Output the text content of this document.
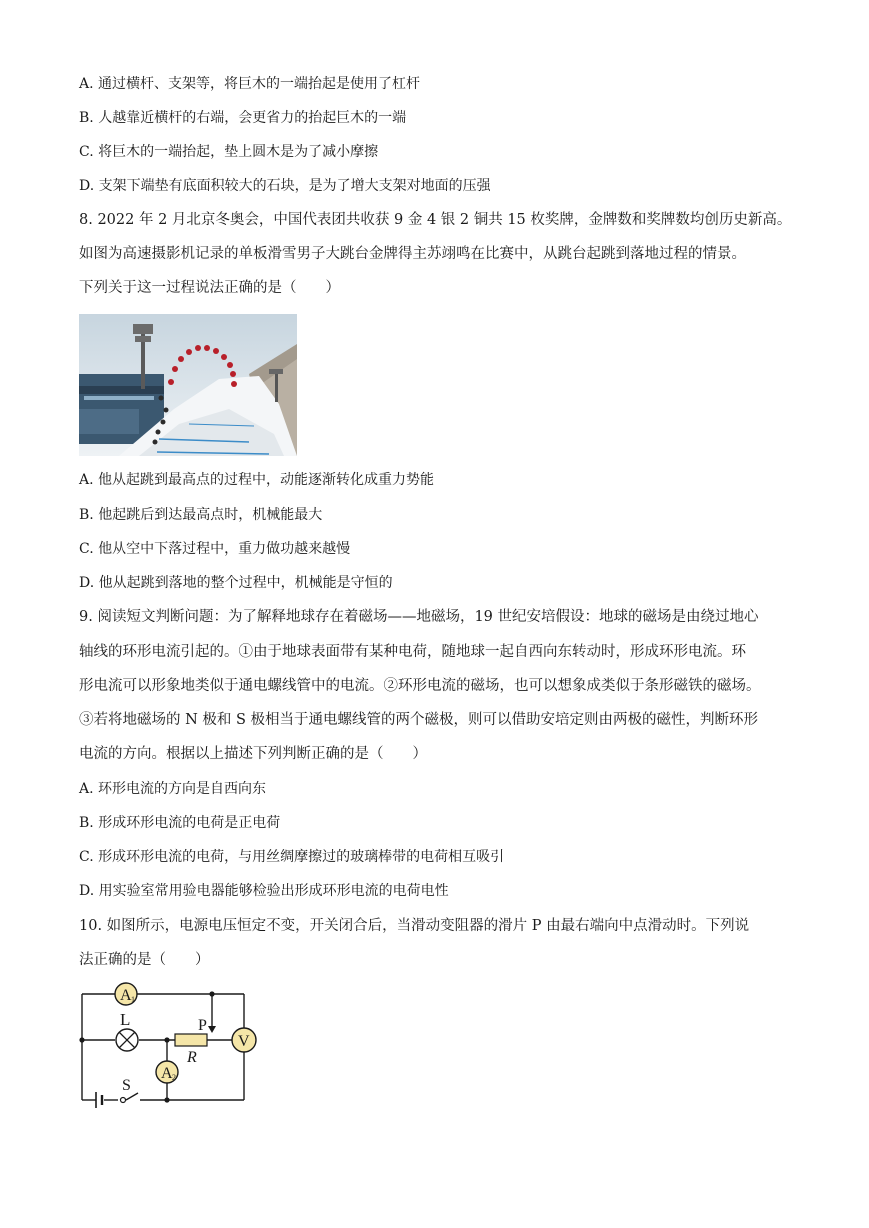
A. 通过横杆、支架等，将巨木的一端抬起是使用了杠杆
B. 人越靠近横杆的右端，会更省力的抬起巨木的一端
C. 将巨木的一端抬起，垫上圆木是为了减小摩擦
D. 支架下端垫有底面积较大的石块，是为了增大支架对地面的压强
8. 2022 年 2 月北京冬奥会，中国代表团共收获 9 金 4 银 2 铜共 15 枚奖牌，金牌数和奖牌数均创历史新高。
如图为高速摄影机记录的单板滑雪男子大跳台金牌得主苏翊鸣在比赛中，从跳台起跳到落地过程的情景。
下列关于这一过程说法正确的是（　　）
A. 他从起跳到最高点的过程中，动能逐渐转化成重力势能
B. 他起跳后到达最高点时，机械能最大
C. 他从空中下落过程中，重力做功越来越慢
D. 他从起跳到落地的整个过程中，机械能是守恒的
9. 阅读短文判断问题：为了解释地球存在着磁场——地磁场，19 世纪安培假设：地球的磁场是由绕过地心
轴线的环形电流引起的。①由于地球表面带有某种电荷，随地球一起自西向东转动时，形成环形电流。环
形电流可以形象地类似于通电螺线管中的电流。②环形电流的磁场，也可以想象成类似于条形磁铁的磁场。
③若将地磁场的 N 极和 S 极相当于通电螺线管的两个磁极，则可以借助安培定则由两极的磁性，判断环形
电流的方向。根据以上描述下列判断正确的是（　　）
A. 环形电流的方向是自西向东
B. 形成环形电流的电荷是正电荷
C. 形成环形电流的电荷，与用丝绸摩擦过的玻璃棒带的电荷相互吸引
D. 用实验室常用验电器能够检验出形成环形电流的电荷电性
10. 如图所示，电源电压恒定不变，开关闭合后，当滑动变阻器的滑片 P 由最右端向中点滑动时。下列说
法正确的是（　　）
A 1
A 2
V
L	P
R
S
